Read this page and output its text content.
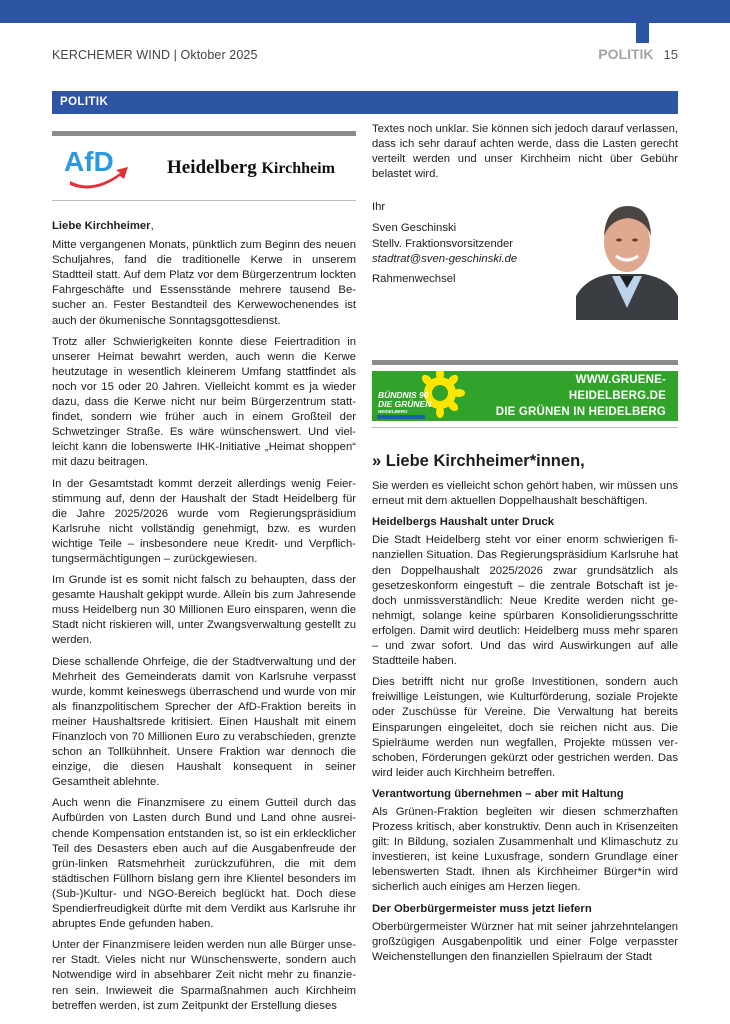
KERCHEMER WIND | Oktober 2025	POLITIK 15
POLITIK
AfD	Heidelberg Kirchheim

Liebe Kirchheimer,

Mitte vergangenen Monats, pünktlich zum Beginn des neuen Schuljahres, fand die traditionelle Kerwe in unserem Stadtteil statt. Auf dem Platz vor dem Bürgerzentrum lockten Fahrgeschäfte und Essensstände mehrere tausend Besucher an. Fester Bestandteil des Kerwewochenendes ist auch der ökumenische Sonntagsgottesdienst.

Trotz aller Schwierigkeiten konnte diese Feiertradition in unserer Heimat bewahrt werden, auch wenn die Kerwe heutzutage in wesentlich kleinerem Umfang stattfindet als noch vor 15 oder 20 Jahren. Vielleicht kommt es ja wieder dazu, dass die Kerwe nicht nur beim Bürgerzentrum stattfindet, sondern wie früher auch in einem Großteil der Schwetzinger Straße. Es wäre wünschenswert. Und vielleicht kann die lobenswerte IHK-Initiative „Heimat shoppen“ mit dazu beitragen.

In der Gesamtstadt kommt derzeit allerdings wenig Feierstimmung auf, denn der Haushalt der Stadt Heidelberg für die Jahre 2025/2026 wurde vom Regierungspräsidium Karlsruhe nicht vollständig genehmigt, bzw. es wurden wichtige Teile – insbesondere neue Kredit- und Verpflichtungsermächtigungen – zurückgewiesen.

Im Grunde ist es somit nicht falsch zu behaupten, dass der gesamte Haushalt gekippt wurde. Allein bis zum Jahresende muss Heidelberg nun 30 Millionen Euro einsparen, wenn die Stadt nicht riskieren will, unter Zwangsverwaltung gestellt zu werden.

Diese schallende Ohrfeige, die der Stadtverwaltung und der Mehrheit des Gemeinderats damit von Karlsruhe verpasst wurde, kommt keineswegs überraschend und wurde von mir als finanzpolitischem Sprecher der AfD-Fraktion bereits in meiner Haushaltsrede kritisiert. Einen Haushalt mit einem Finanzloch von 70 Millionen Euro zu verabschieden, grenzte schon an Tollkühnheit. Unsere Fraktion war dennoch die einzige, die diesen Haushalt konsequent in seiner Gesamtheit ablehnte.

Auch wenn die Finanzmisere zu einem Gutteil durch das Aufbürden von Lasten durch Bund und Land ohne ausreichende Kompensation entstanden ist, so ist ein erklecklicher Teil des Desasters eben auch auf die Ausgabenfreude der grün-linken Ratsmehrheit zurückzuführen, die mit dem städtischen Füllhorn bislang gern ihre Klientel besonders im (Sub-)Kultur- und NGO-Bereich beglückt hat. Doch diese Spendierfreudigkeit dürfte mit dem Verdikt aus Karlsruhe ihr abruptes Ende gefunden haben.

Unter der Finanzmisere leiden werden nun alle Bürger unserer Stadt. Vieles nicht nur Wünschenswerte, sondern auch Notwendige wird in absehbarer Zeit nicht mehr zu finanzieren sein. Inwieweit die Sparmaßnahmen auch Kirchheim betreffen werden, ist zum Zeitpunkt der Erstellung dieses

Textes noch unklar. Sie können sich jedoch darauf verlassen, dass ich sehr darauf achten werde, dass die Lasten gerecht verteilt werden und unser Kirchheim nicht über Gebühr belastet wird.

Ihr
Sven Geschinski
Stellv. Fraktionsvorsitzender
stadtrat@sven-geschinski.de
Rahmenwechsel
BÜNDNIS 90
DIE GRÜNEN
HEIDELBERG
WWW.GRUENE-HEIDELBERG.DE
DIE GRÜNEN IN HEIDELBERG
» Liebe Kirchheimer*innen,

Sie werden es vielleicht schon gehört haben, wir müssen uns erneut mit dem aktuellen Doppelhaushalt beschäftigen.

Heidelbergs Haushalt unter Druck

Die Stadt Heidelberg steht vor einer enorm schwierigen finanziellen Situation. Das Regierungspräsidium Karlsruhe hat den Doppelhaushalt 2025/2026 zwar grundsätzlich als gesetzeskonform eingestuft – die zentrale Botschaft ist jedoch unmissverständlich: Neue Kredite werden nicht genehmigt, solange keine spürbaren Konsolidierungsschritte erfolgen. Damit wird deutlich: Heidelberg muss mehr sparen – und zwar sofort. Und das wird Auswirkungen auf alle Stadtteile haben.

Dies betrifft nicht nur große Investitionen, sondern auch freiwillige Leistungen, wie Kulturförderung, soziale Projekte oder Zuschüsse für Vereine. Die Verwaltung hat bereits Einsparungen eingeleitet, doch sie reichen nicht aus. Die Spielräume werden nun wegfallen, Projekte müssen verschoben, Förderungen gekürzt oder gestrichen werden. Das wird leider auch Kirchheim betreffen.

Verantwortung übernehmen – aber mit Haltung

Als Grünen-Fraktion begleiten wir diesen schmerzhaften Prozess kritisch, aber konstruktiv. Denn auch in Krisenzeiten gilt: In Bildung, sozialen Zusammenhalt und Klimaschutz zu investieren, ist keine Luxusfrage, sondern Grundlage einer lebenswerten Stadt. Ihnen als Kirchheimer Bürger*in wird sicherlich auch einiges am Herzen liegen.

Der Oberbürgermeister muss jetzt liefern

Oberbürgermeister Würzner hat mit seiner jahrzehntelangen großzügigen Ausgabenpolitik und einer Folge verpasster Weichenstellungen den finanziellen Spielraum der Stadt
